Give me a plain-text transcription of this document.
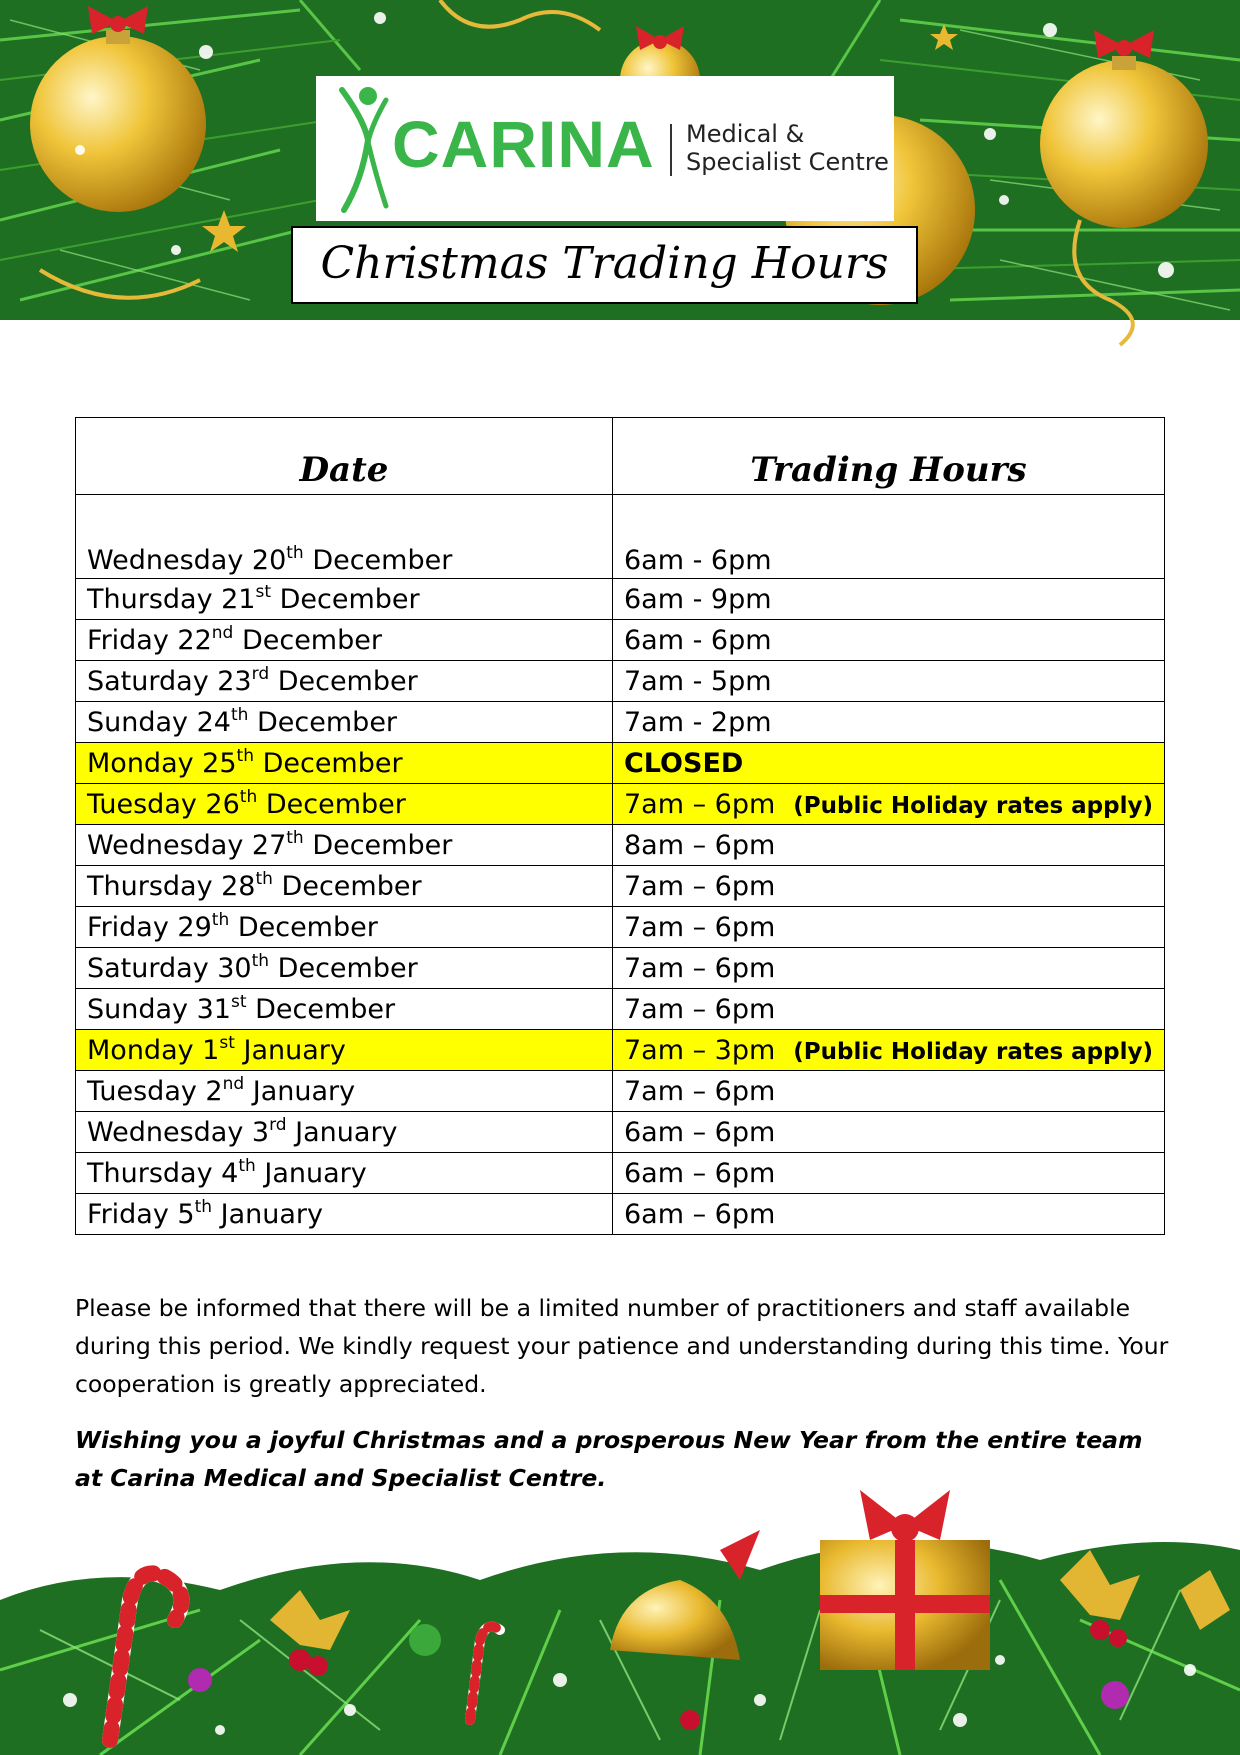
CARINA Medical &
Specialist Centre
Christmas Trading Hours
Date	Trading Hours
Wednesday 20th December	6am - 6pm
Thursday 21st December	6am - 9pm
Friday 22nd December	6am - 6pm
Saturday 23rd December	7am - 5pm
Sunday 24th December	7am - 2pm
Monday 25th December	CLOSED
Tuesday 26th December	7am – 6pm (Public Holiday rates apply)
Wednesday 27th December	8am – 6pm
Thursday 28th December	7am – 6pm
Friday 29th December	7am – 6pm
Saturday 30th December	7am – 6pm
Sunday 31st December	7am – 6pm
Monday 1st January	7am – 3pm (Public Holiday rates apply)
Tuesday 2nd January	7am – 6pm
Wednesday 3rd January	6am – 6pm
Thursday 4th January	6am – 6pm
Friday 5th January	6am – 6pm
Please be informed that there will be a limited number of practitioners and staff available during this period. We kindly request your patience and understanding during this time. Your cooperation is greatly appreciated.
Wishing you a joyful Christmas and a prosperous New Year from the entire team at Carina Medical and Specialist Centre.
